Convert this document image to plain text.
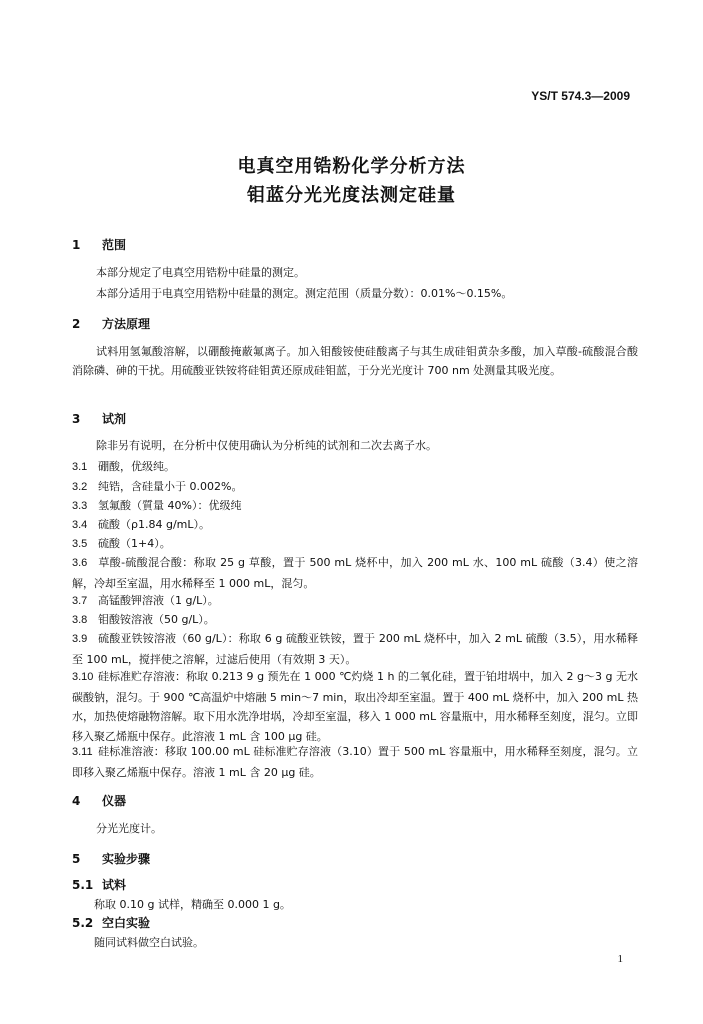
YS/T 574.3—2009
电真空用锆粉化学分析方法
钼蓝分光光度法测定硅量
1 范围
本部分规定了电真空用锆粉中硅量的测定。
本部分适用于电真空用锆粉中硅量的测定。测定范围（质量分数）：0.01%～0.15%。
2 方法原理
试料用氢氟酸溶解，以硼酸掩蔽氟离子。加入钼酸铵使硅酸离子与其生成硅钼黄杂多酸，加入草酸-硫酸混合酸消除磷、砷的干扰。用硫酸亚铁铵将硅钼黄还原成硅钼蓝，于分光光度计 700 nm 处测量其吸光度。
3 试剂
除非另有说明，在分析中仅使用确认为分析纯的试剂和二次去离子水。
3.1 硼酸，优级纯。
3.2 纯锆，含硅量小于 0.002%。
3.3 氢氟酸（質量 40%）：优级纯
3.4 硫酸（ρ1.84 g/mL）。
3.5 硫酸（1+4）。
3.6 草酸-硫酸混合酸：称取 25 g 草酸，置于 500 mL 烧杯中，加入 200 mL 水、100 mL 硫酸（3.4）使之溶解，冷却至室温，用水稀释至 1 000 mL，混匀。
3.7 高锰酸钾溶液（1 g/L）。
3.8 钼酸铵溶液（50 g/L）。
3.9 硫酸亚铁铵溶液（60 g/L）：称取 6 g 硫酸亚铁铵，置于 200 mL 烧杯中，加入 2 mL 硫酸（3.5），用水稀释至 100 mL，搅拌使之溶解，过滤后使用（有效期 3 天）。
3.10 硅标准贮存溶液：称取 0.213 9 g 预先在 1 000 ℃灼烧 1 h 的二氧化硅，置于铂坩埚中，加入 2 g～3 g 无水碳酸钠，混匀。于 900 ℃高温炉中熔融 5 min～7 min，取出冷却至室温。置于 400 mL 烧杯中，加入 200 mL 热水，加热使熔融物溶解。取下用水洗净坩埚，冷却至室温，移入 1 000 mL 容量瓶中，用水稀释至刻度，混匀。立即移入聚乙烯瓶中保存。此溶液 1 mL 含 100 μg 硅。
3.11 硅标准溶液：移取 100.00 mL 硅标准贮存溶液（3.10）置于 500 mL 容量瓶中，用水稀释至刻度，混匀。立即移入聚乙烯瓶中保存。溶液 1 mL 含 20 μg 硅。
4 仪器
分光光度计。
5 实验步骤
5.1 试料
称取 0.10 g 试样，精确至 0.000 1 g。
5.2 空白实验
随同试料做空白试验。
1
